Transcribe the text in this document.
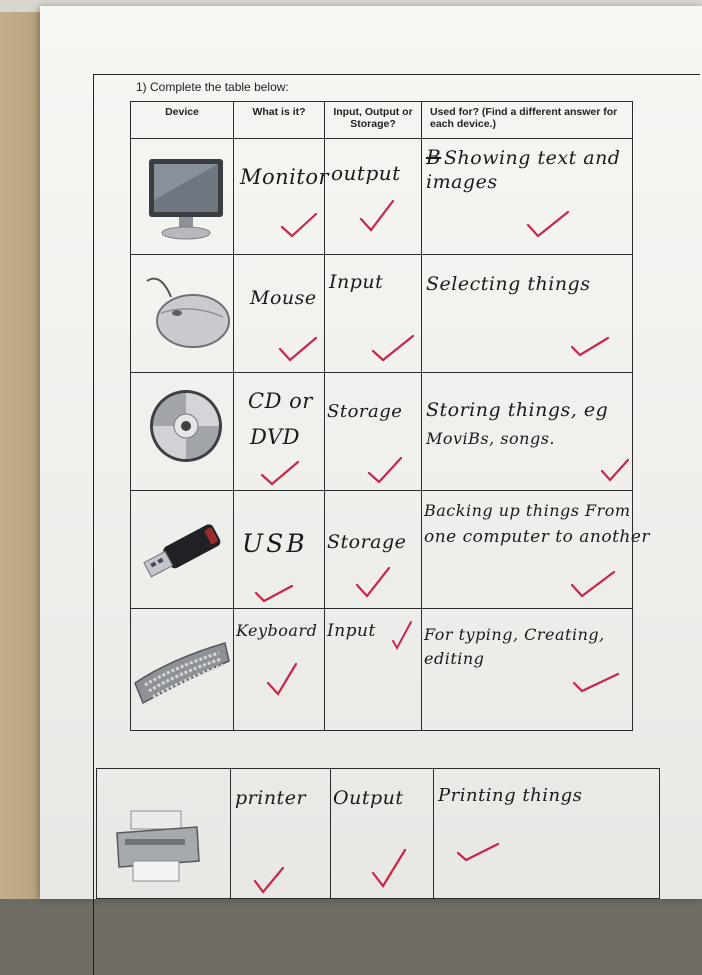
1) Complete the table below:
Device	What is it?	Input, Output or Storage?	Used for? (Find a different answer for each device.)

Monitor	output	B Showing text and
images

Mouse	Input	Selecting things

CD or
DVD	Storage	Storing things, eg
MoviBs, songs.

USB	Storage	Backing up things From
one computer to another

Keyboard	Input	For typing, Creating,
editing

printer	Output	Printing things
